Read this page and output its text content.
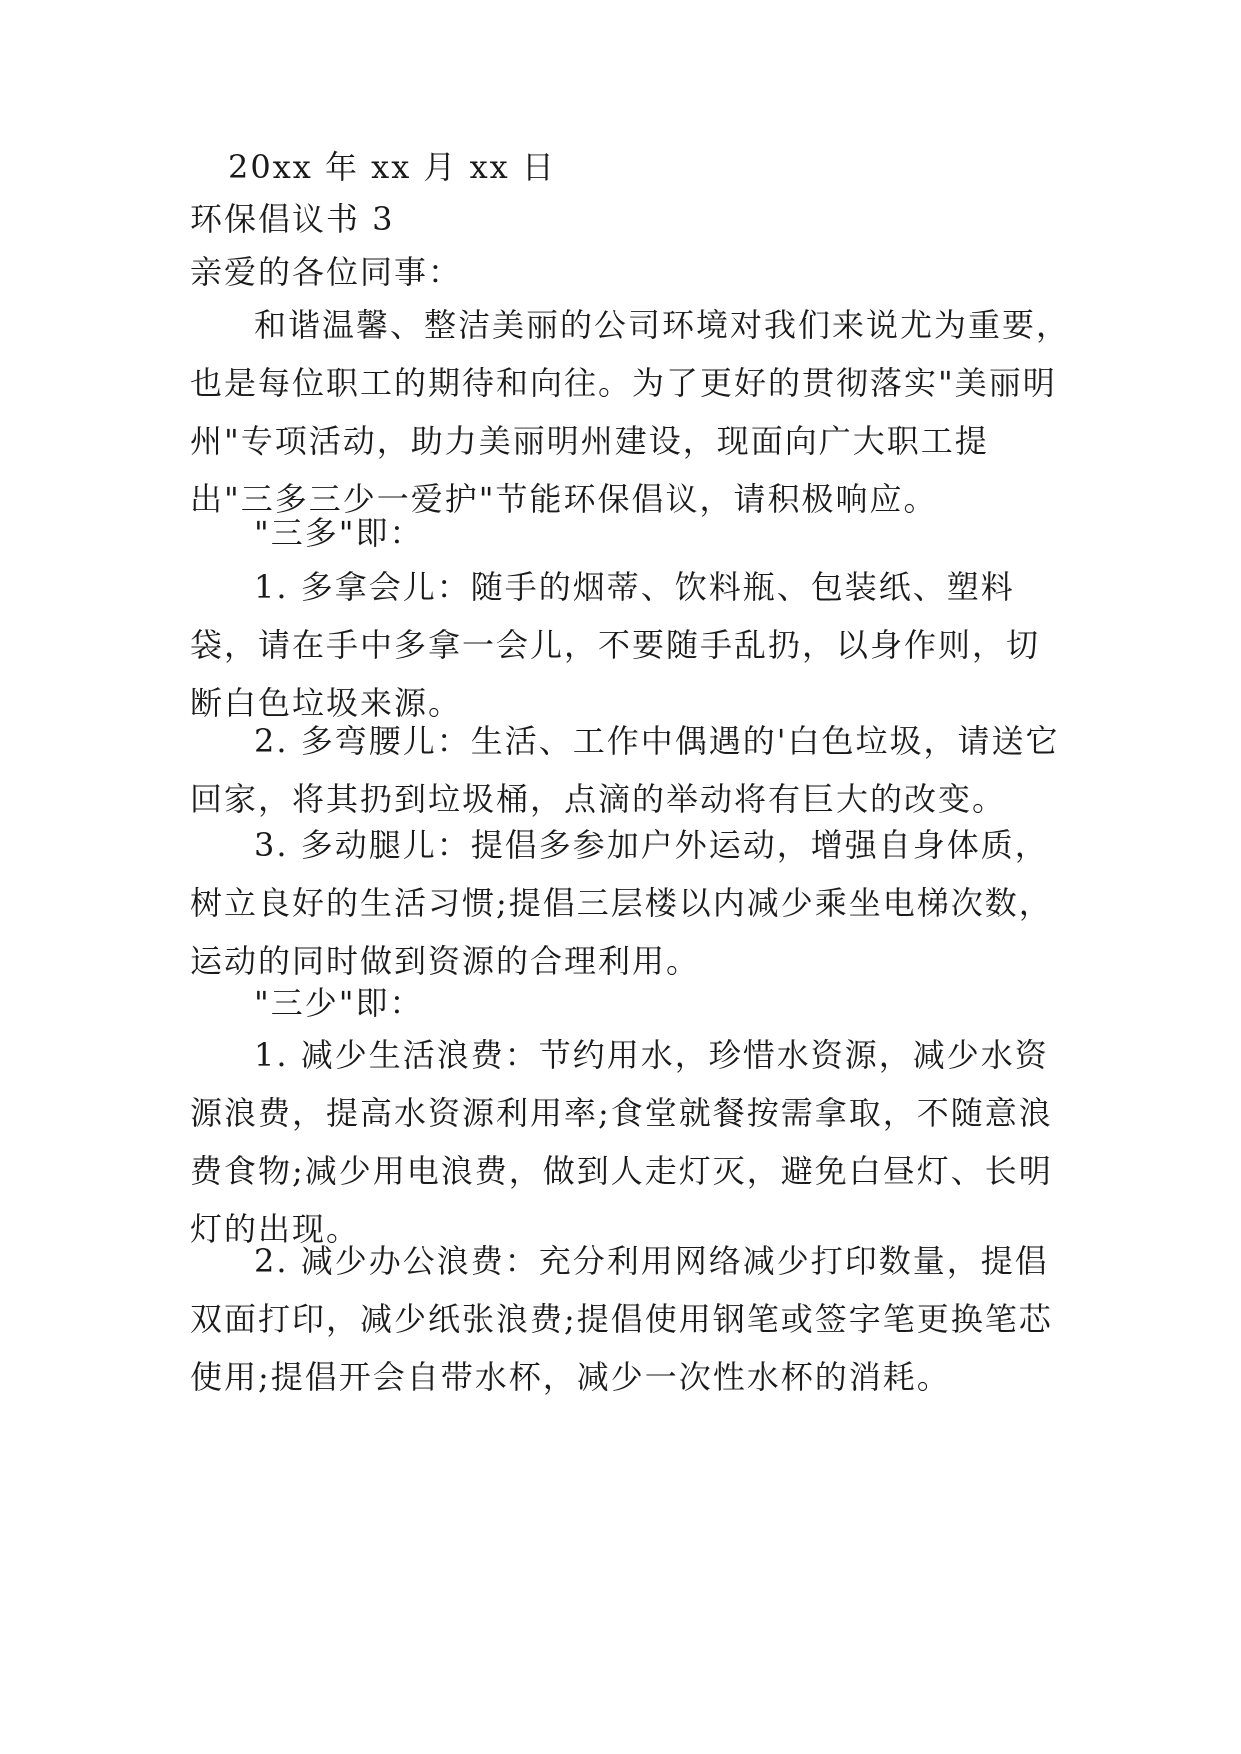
20xx 年 xx 月 xx 日
环保倡议书 3
亲爱的各位同事：
和谐温馨、整洁美丽的公司环境对我们来说尤为重要，也是每位职工的期待和向往。为了更好的贯彻落实"美丽明州"专项活动，助力美丽明州建设，现面向广大职工提出"三多三少一爱护"节能环保倡议，请积极响应。
"三多"即：
1. 多拿会儿：随手的烟蒂、饮料瓶、包装纸、塑料袋，请在手中多拿一会儿，不要随手乱扔，以身作则，切断白色垃圾来源。
2. 多弯腰儿：生活、工作中偶遇的'白色垃圾，请送它回家，将其扔到垃圾桶，点滴的举动将有巨大的改变。
3. 多动腿儿：提倡多参加户外运动，增强自身体质，树立良好的生活习惯;提倡三层楼以内减少乘坐电梯次数，运动的同时做到资源的合理利用。
"三少"即：
1. 减少生活浪费：节约用水，珍惜水资源，减少水资源浪费，提高水资源利用率;食堂就餐按需拿取，不随意浪费食物;减少用电浪费，做到人走灯灭，避免白昼灯、长明灯的出现。
2. 减少办公浪费：充分利用网络减少打印数量，提倡双面打印，减少纸张浪费;提倡使用钢笔或签字笔更换笔芯使用;提倡开会自带水杯，减少一次性水杯的消耗。
